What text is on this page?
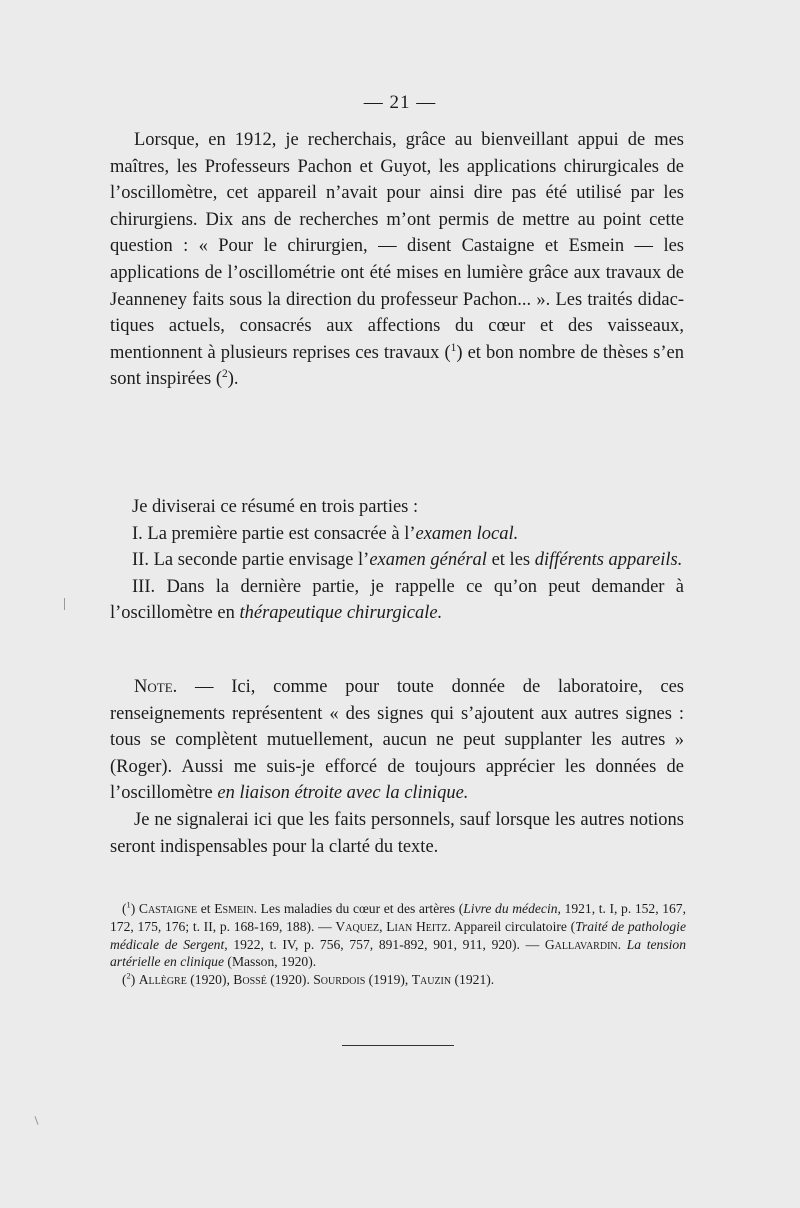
— 21 —

Lorsque, en 1912, je recherchais, grâce au bienveillant appui de mes maîtres, les Professeurs Pachon et Guyot, les applications chirurgicales de l’oscillomètre, cet appareil n’avait pour ainsi dire pas été utilisé par les chirurgiens. Dix ans de recherches m’ont permis de mettre au point cette question : « Pour le chirurgien, — disent Castaigne et Esmein — les applications de l’oscillométrie ont été mises en lumière grâce aux travaux de Jeanneney faits sous la direction du professeur Pachon... ». Les traités didactiques actuels, consacrés aux affections du cœur et des vaisseaux, mentionnent à plusieurs reprises ces travaux ($^1$) et bon nombre de thèses s’en sont inspirées ($^2$).

Je diviserai ce résumé en trois parties :

I. La première partie est consacrée à l’examen local.

II. La seconde partie envisage l’examen général et les différents appareils.

III. Dans la dernière partie, je rappelle ce qu’on peut demander à l’oscillomètre en thérapeutique chirurgicale.

Note. — Ici, comme pour toute donnée de laboratoire, ces renseignements représentent « des signes qui s’ajoutent aux autres signes : tous se complètent mutuellement, aucun ne peut supplanter les autres » (Roger). Aussi me suis-je efforcé de toujours apprécier les données de l’oscillomètre en liaison étroite avec la clinique.

Je ne signalerai ici que les faits personnels, sauf lorsque les autres notions seront indispensables pour la clarté du texte.

($^1$) Castaigne et Esmein. Les maladies du cœur et des artères (Livre du médecin, 1921, t. I, p. 152, 167, 172, 175, 176; t. II, p. 168-169, 188). — Vaquez, Lian Heitz. Appareil circulatoire (Traité de pathologie médicale de Sergent, 1922, t. IV, p. 756, 757, 891-892, 901, 911, 920). — Gallavardin. La tension artérielle en clinique (Masson, 1920).

($^2$) Allègre (1920), Bossé (1920). Sourdois (1919), Tauzin (1921).
